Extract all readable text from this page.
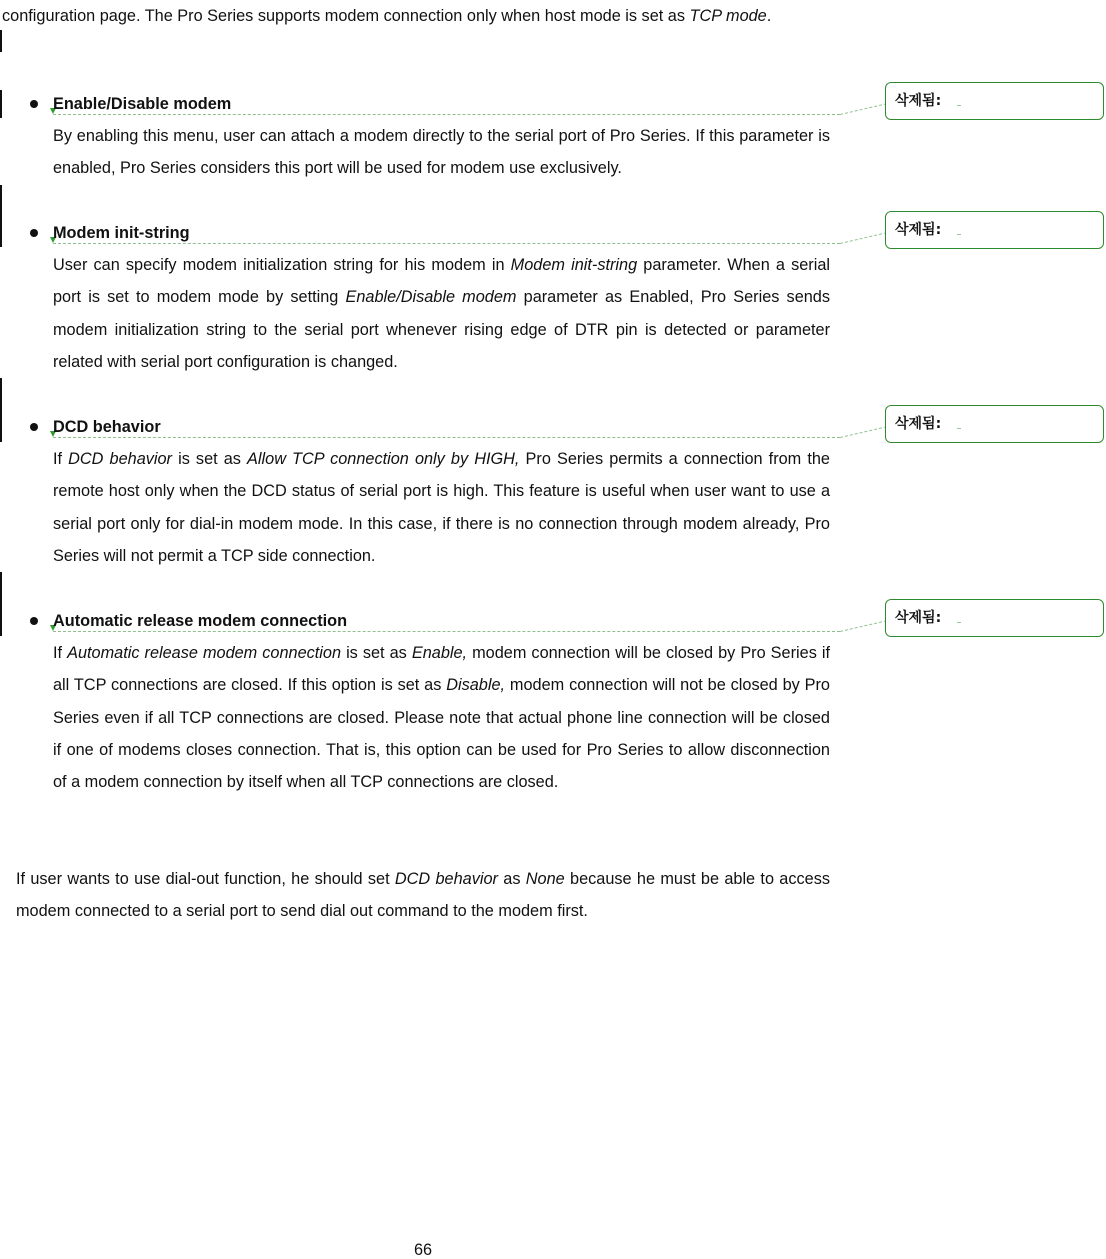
configuration page. The Pro Series supports modem connection only when host mode is set as TCP mode.

Enable/Disable modem	삭제됨:

By enabling this menu, user can attach a modem directly to the serial port of Pro Series. If this parameter is enabled, Pro Series considers this port will be used for modem use exclusively.

Modem init-string	삭제됨:

User can specify modem initialization string for his modem in Modem init-string parameter. When a serial port is set to modem mode by setting Enable/Disable modem parameter as Enabled, Pro Series sends modem initialization string to the serial port whenever rising edge of DTR pin is detected or parameter related with serial port configuration is changed.

DCD behavior	삭제됨:

If DCD behavior is set as Allow TCP connection only by HIGH, Pro Series permits a connection from the remote host only when the DCD status of serial port is high. This feature is useful when user want to use a serial port only for dial-in modem mode. In this case, if there is no connection through modem already, Pro Series will not permit a TCP side connection.

Automatic release modem connection	삭제됨:

If Automatic release modem connection is set as Enable, modem connection will be closed by Pro Series if all TCP connections are closed. If this option is set as Disable, modem connection will not be closed by Pro Series even if all TCP connections are closed. Please note that actual phone line connection will be closed if one of modems closes connection. That is, this option can be used for Pro Series to allow disconnection of a modem connection by itself when all TCP connections are closed.

If user wants to use dial-out function, he should set DCD behavior as None because he must be able to access modem connected to a serial port to send dial out command to the modem first.

66
